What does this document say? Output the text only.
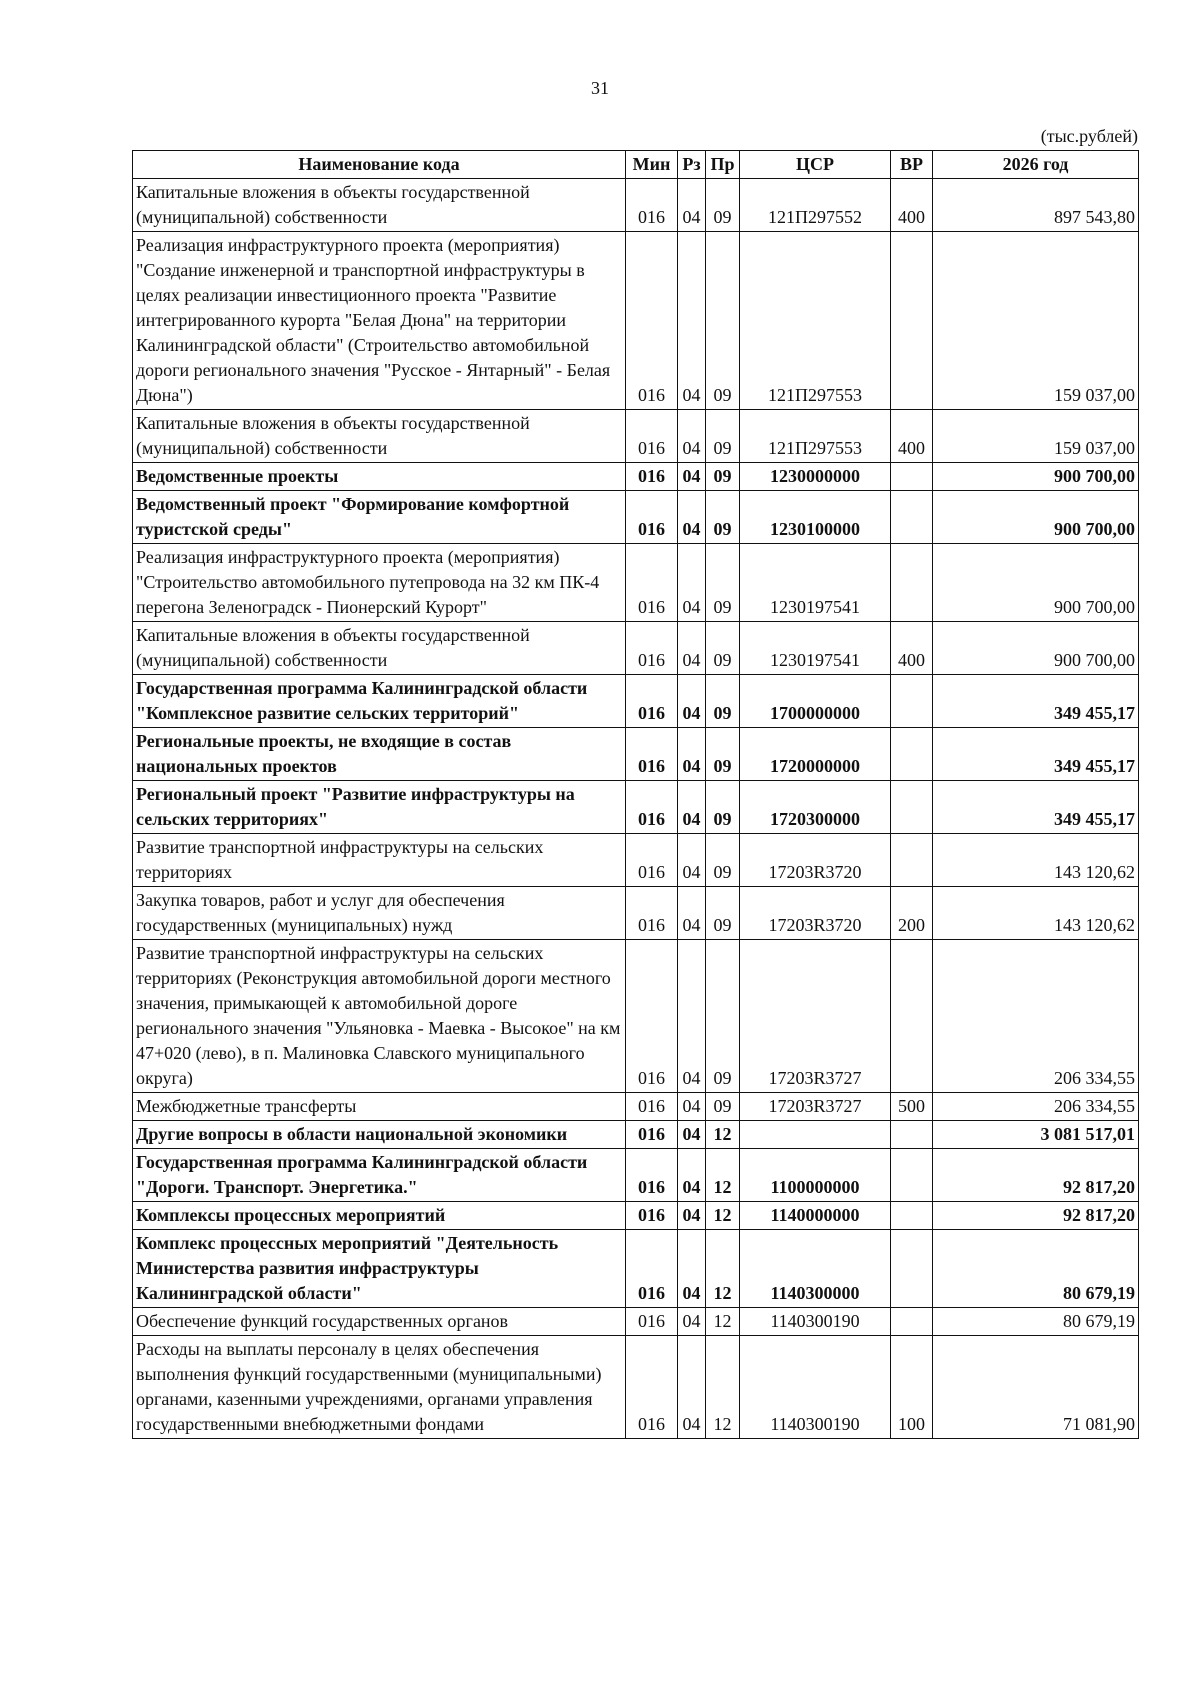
31
(тыс.рублей)
Наименование кода	Мин	Рз	Пр	ЦСР	ВР	2026 год
Капитальные вложения в объекты государственной (муниципальной) собственности	016	04	09	121П297552	400	897 543,80
Реализация инфраструктурного проекта (мероприятия) "Создание инженерной и транспортной инфраструктуры в целях реализации инвестиционного проекта "Развитие интегрированного курорта "Белая Дюна" на территории Калининградской области" (Строительство автомобильной дороги регионального значения "Русское - Янтарный" - Белая Дюна")	016	04	09	121П297553		159 037,00
Капитальные вложения в объекты государственной (муниципальной) собственности	016	04	09	121П297553	400	159 037,00
Ведомственные проекты	016	04	09	1230000000		900 700,00
Ведомственный проект "Формирование комфортной туристской среды"	016	04	09	1230100000		900 700,00
Реализация инфраструктурного проекта (мероприятия) "Строительство автомобильного путепровода на 32 км ПК-4 перегона Зеленоградск - Пионерский Курорт"	016	04	09	1230197541		900 700,00
Капитальные вложения в объекты государственной (муниципальной) собственности	016	04	09	1230197541	400	900 700,00
Государственная программа Калининградской области "Комплексное развитие сельских территорий"	016	04	09	1700000000		349 455,17
Региональные проекты, не входящие в состав национальных проектов	016	04	09	1720000000		349 455,17
Региональный проект "Развитие инфраструктуры на сельских территориях"	016	04	09	1720300000		349 455,17
Развитие транспортной инфраструктуры на сельских территориях	016	04	09	17203R3720		143 120,62
Закупка товаров, работ и услуг для обеспечения государственных (муниципальных) нужд	016	04	09	17203R3720	200	143 120,62
Развитие транспортной инфраструктуры на сельских территориях (Реконструкция автомобильной дороги местного значения, примыкающей к автомобильной дороге регионального значения "Ульяновка - Маевка - Высокое" на км 47+020 (лево), в п. Малиновка Славского муниципального округа)	016	04	09	17203R3727		206 334,55
Межбюджетные трансферты	016	04	09	17203R3727	500	206 334,55
Другие вопросы в области национальной экономики	016	04	12			3 081 517,01
Государственная программа Калининградской области "Дороги. Транспорт. Энергетика."	016	04	12	1100000000		92 817,20
Комплексы процессных мероприятий	016	04	12	1140000000		92 817,20
Комплекс процессных мероприятий "Деятельность Министерства развития инфраструктуры Калининградской области"	016	04	12	1140300000		80 679,19
Обеспечение функций государственных органов	016	04	12	1140300190		80 679,19
Расходы на выплаты персоналу в целях обеспечения выполнения функций государственными (муниципальными) органами, казенными учреждениями, органами управления государственными внебюджетными фондами	016	04	12	1140300190	100	71 081,90
